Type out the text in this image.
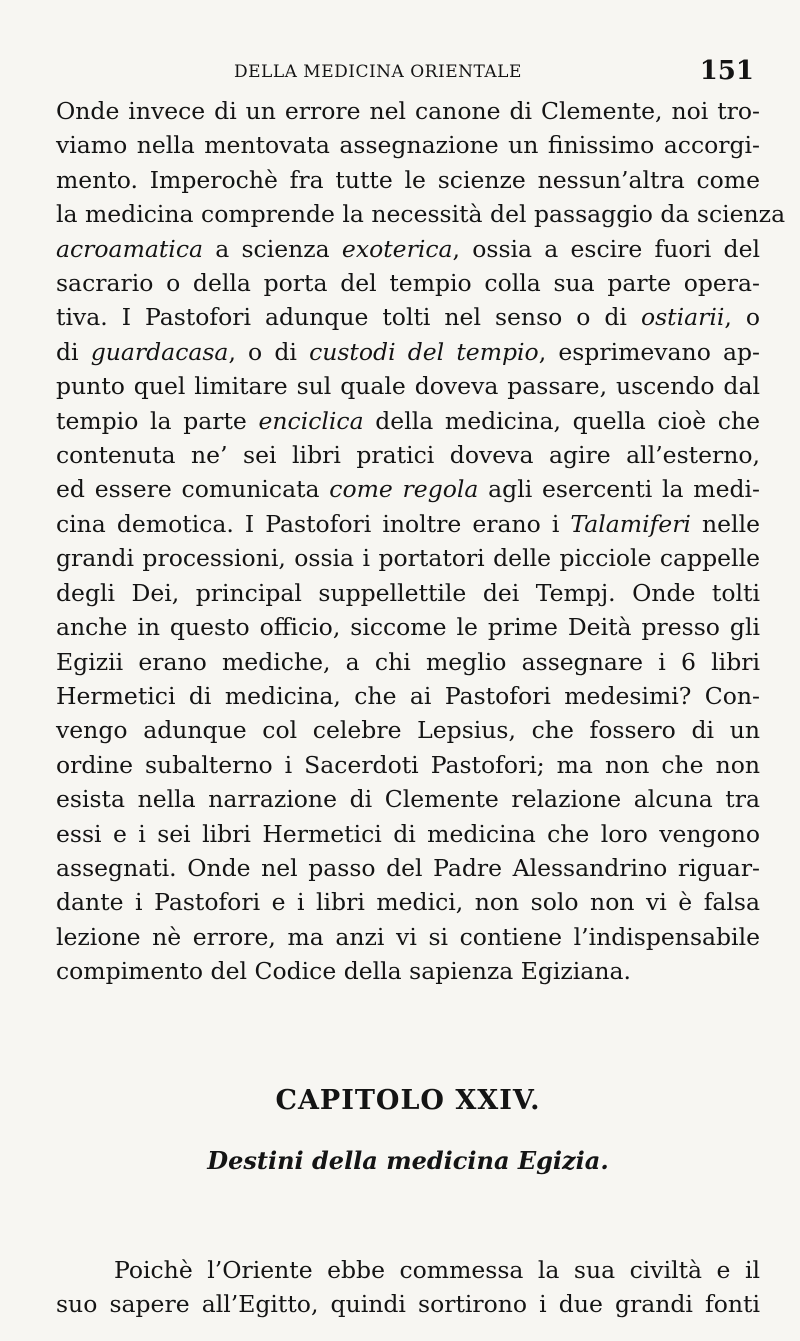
DELLA MEDICINA ORIENTALE	151

Onde invece di un errore nel canone di Clemente, noi tro-
viamo nella mentovata assegnazione un finissimo accorgi-
mento. Imperochè fra tutte le scienze nessun’altra come
la medicina comprende la necessità del passaggio da scienza
acroamatica a scienza exoterica, ossia a escire fuori del
sacrario o della porta del tempio colla sua parte opera-
tiva. I Pastofori adunque tolti nel senso o di ostiarii, o
di guardacasa, o di custodi del tempio, esprimevano ap-
punto quel limitare sul quale doveva passare, uscendo dal
tempio la parte enciclica della medicina, quella cioè che
contenuta ne’ sei libri pratici doveva agire all’esterno,
ed essere comunicata come regola agli esercenti la medi-
cina demotica. I Pastofori inoltre erano i Talamiferi nelle
grandi processioni, ossia i portatori delle picciole cappelle
degli Dei, principal suppellettile dei Tempj. Onde tolti
anche in questo officio, siccome le prime Deità presso gli
Egizii erano mediche, a chi meglio assegnare i 6 libri
Hermetici di medicina, che ai Pastofori medesimi? Con-
vengo adunque col celebre Lepsius, che fossero di un
ordine subalterno i Sacerdoti Pastofori; ma non che non
esista nella narrazione di Clemente relazione alcuna tra
essi e i sei libri Hermetici di medicina che loro vengono
assegnati. Onde nel passo del Padre Alessandrino riguar-
dante i Pastofori e i libri medici, non solo non vi è falsa
lezione nè errore, ma anzi vi si contiene l’indispensabile
compimento del Codice della sapienza Egiziana.

CAPITOLO XXIV.
Destini della medicina Egizia.

Poichè l’Oriente ebbe commessa la sua civiltà e il
suo sapere all’Egitto, quindi sortirono i due grandi fonti
